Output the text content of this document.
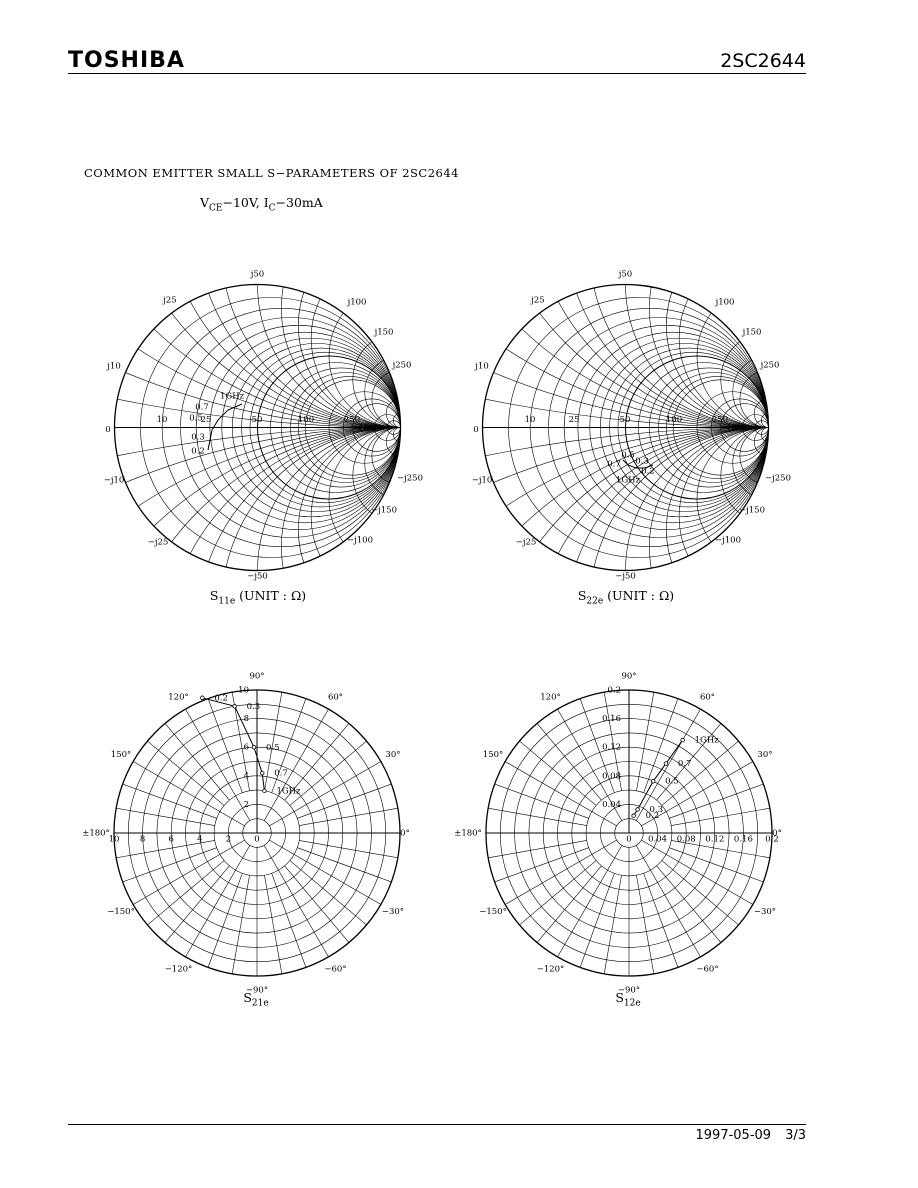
TOSHIBA	2SC2644
COMMON EMITTER SMALL S−PARAMETERS OF 2SC2644
$V_{CE}-10V$, $I_C-30mA$
j50
−j50
j25
j10
−j10
−j25
j100
j150
j250
−j250
−j150
−j100
0
10	25	50	100	250
0.2
0.3
0.5
0.7
1GHz
$S_{11e}$ (UNIT : Ω)
j50
−j50
j25
j10
−j10
−j25
j100
j150
j250
−j250
−j150
−j100
0
10	25	50	100	250
0.5
0.3
0.2
0.7
1GHz
$S_{22e}$ (UNIT : Ω)
90°
60°
30°
0°
−30°
−60°
−90°
−120°
−150°
±180°
150°
120°
10 8	6	4	2	0
2
4
6
8
10
0.2
0.3
0.5
0.7
1GHz
$S_{21e}$
90°
60°
30°
0°
−30°
−60°
−90°
−120°
−150°
±180°
150°
120°
0 0.04 0.08 0.12 0.16 0.2
0.04
0.08
0.12
0.16
0.2
0.2
0.3
0.5
0.7
1GHz
$S_{12e}$
1997-05-09 3/3
